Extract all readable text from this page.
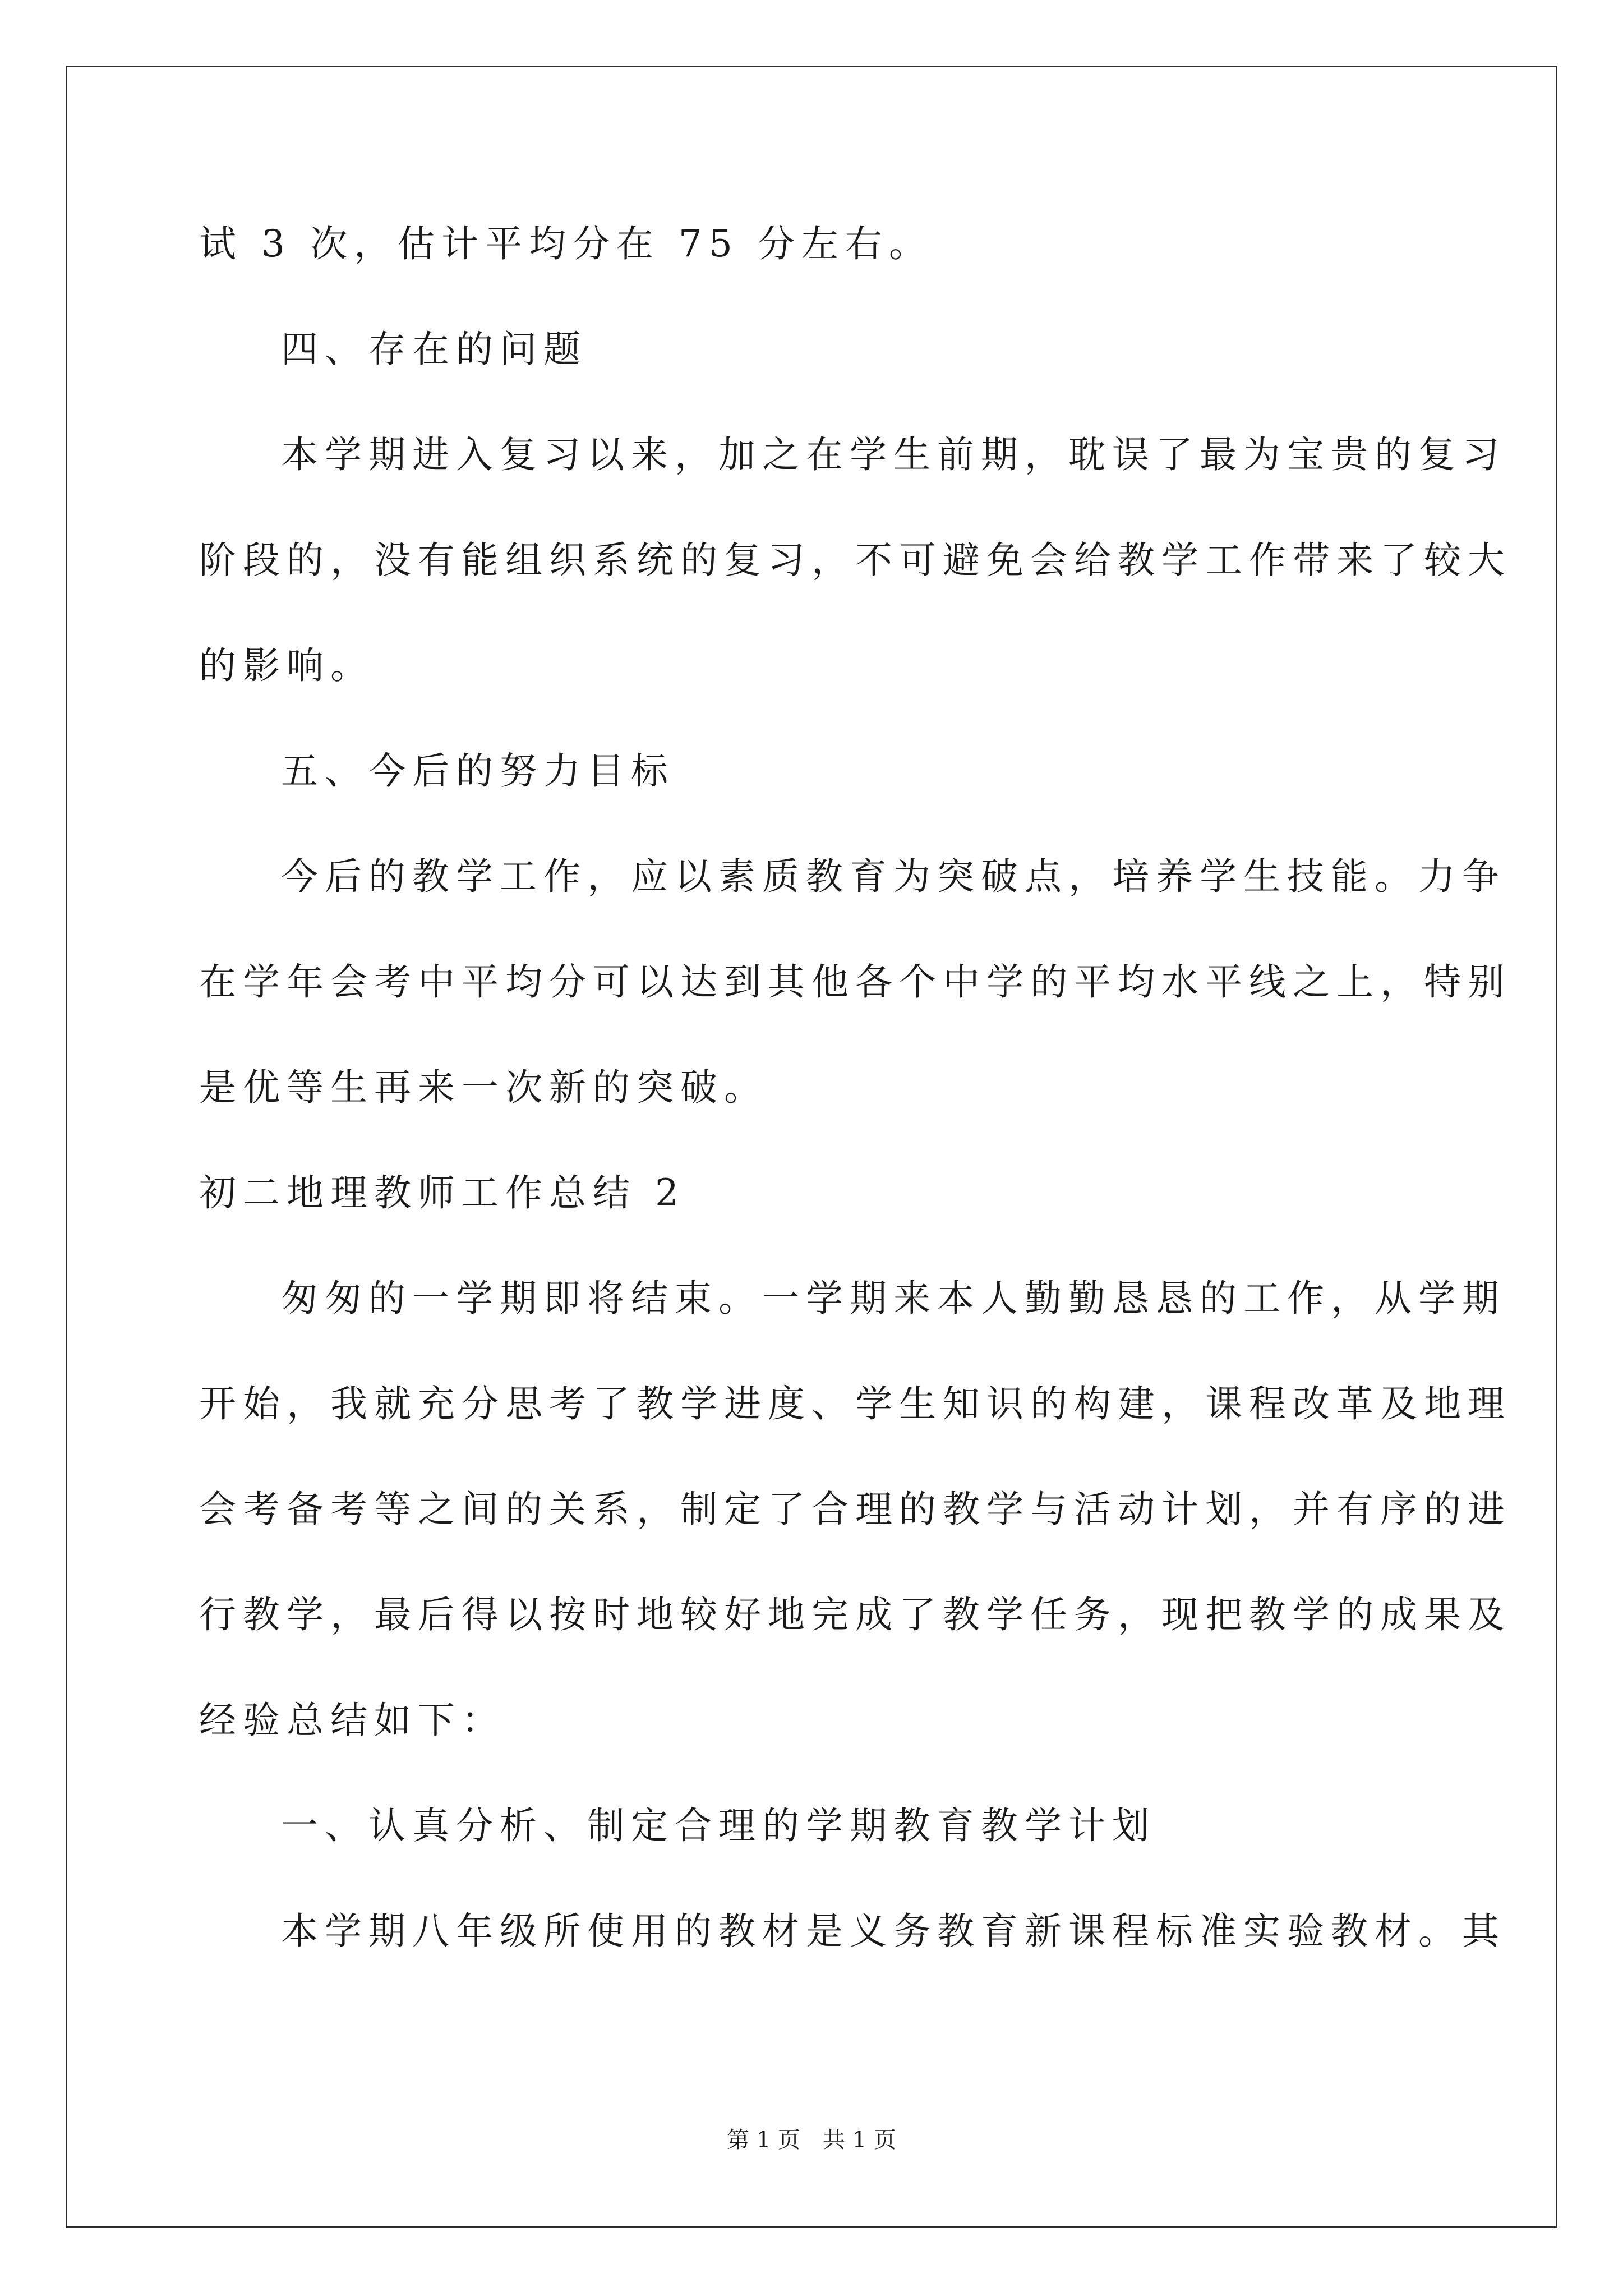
试 3 次，估计平均分在 75 分左右。
四、存在的问题
本学期进入复习以来，加之在学生前期，耽误了最为宝贵的复习
阶段的，没有能组织系统的复习，不可避免会给教学工作带来了较大
的影响。
五、今后的努力目标
今后的教学工作，应以素质教育为突破点，培养学生技能。力争
在学年会考中平均分可以达到其他各个中学的平均水平线之上，特别
是优等生再来一次新的突破。
初二地理教师工作总结 2
匆匆的一学期即将结束。一学期来本人勤勤恳恳的工作，从学期
开始，我就充分思考了教学进度、学生知识的构建，课程改革及地理
会考备考等之间的关系，制定了合理的教学与活动计划，并有序的进
行教学，最后得以按时地较好地完成了教学任务，现把教学的成果及
经验总结如下：
一、认真分析、制定合理的学期教育教学计划
本学期八年级所使用的教材是义务教育新课程标准实验教材。其
第 1 页 共 1 页
